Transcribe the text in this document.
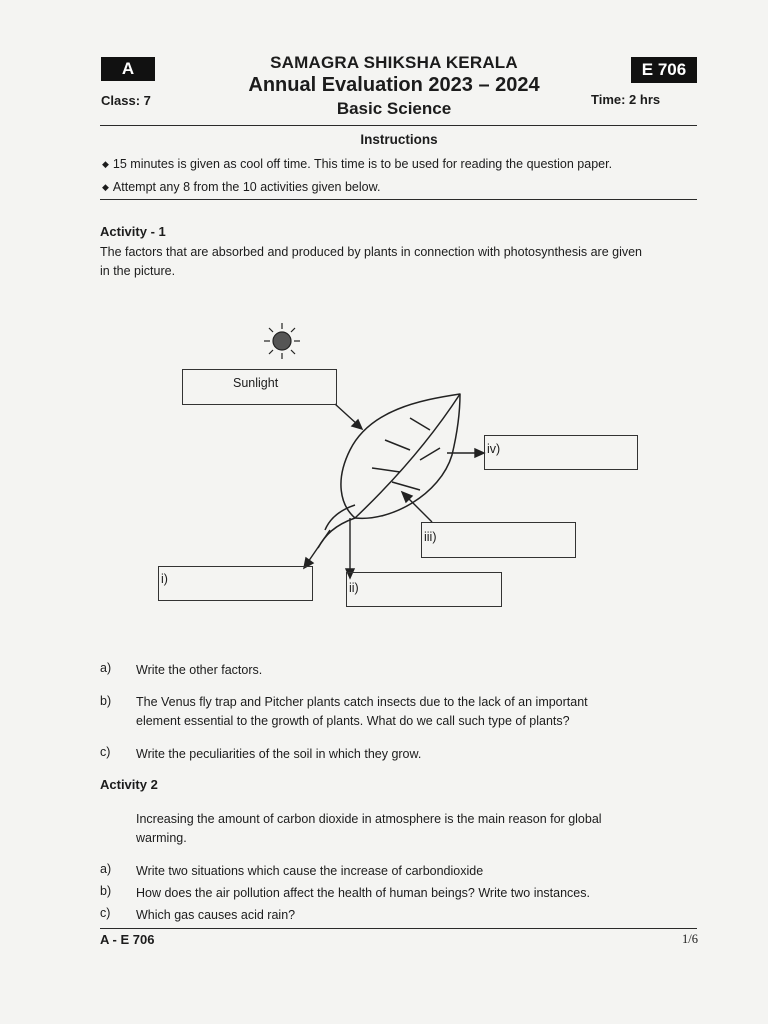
A	E 706
SAMAGRA SHIKSHA KERALA
Annual Evaluation 2023 – 2024
Basic Science
Class: 7	Time: 2 hrs
Instructions
◆ 15 minutes is given as cool off time. This time is to be used for reading the question paper.
◆ Attempt any 8 from the 10 activities given below.
Activity - 1
The factors that are absorbed and produced by plants in connection with photosynthesis are given
in the picture.
Sunlight
iv)
iii)
i)
ii)
a) Write the other factors.
b) The Venus fly trap and Pitcher plants catch insects due to the lack of an important
element essential to the growth of plants. What do we call such type of plants?
c) Write the peculiarities of the soil in which they grow.
Activity 2
Increasing the amount of carbon dioxide in atmosphere is the main reason for global
warming.
a) Write two situations which cause the increase of carbondioxide
b) How does the air pollution affect the health of human beings? Write two instances.
c) Which gas causes acid rain?
A - E 706	1/6
